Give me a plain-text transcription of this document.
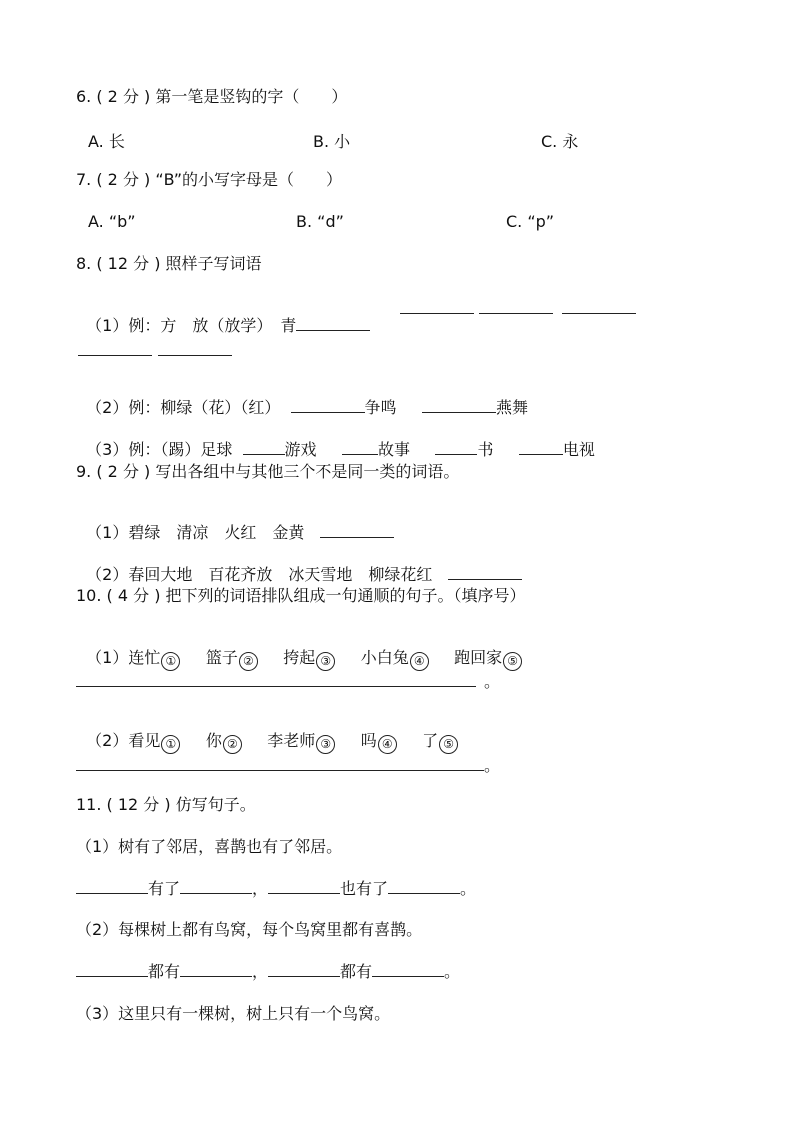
6. ( 2 分 ) 第一笔是竖钩的字（　　）
A. 长	B. 小	C. 永
7. ( 2 分 ) “B”的小写字母是（　　）
A. “b”	B. “d”	C. “p”
8. ( 12 分 ) 照样子写词语

（1）例：方　放（放学）　青

（2）例：柳绿（花）（红）	争鸣	燕舞

（3）例：（踢）足球	游戏	故事	书	电视

9. ( 2 分 ) 写出各组中与其他三个不是同一类的词语。

（1）碧绿　清凉　火红　金黄

（2）春回大地　百花齐放　冰天雪地　柳绿花红

10. ( 4 分 ) 把下列的词语排队组成一句通顺的句子。（填序号）

（1）连忙 ① 篮子 ② 挎起 ③ 小白兔 ④ 跑回家 ⑤

。

（2）看见 ① 你 ② 李老师 ③ 吗 ④ 了 ⑤

。
11. ( 12 分 ) 仿写句子。
（1）树有了邻居，喜鹊也有了邻居。
有了	，	也有了	。
（2）每棵树上都有鸟窝，每个鸟窝里都有喜鹊。
都有	，	都有	。
（3）这里只有一棵树，树上只有一个鸟窝。
